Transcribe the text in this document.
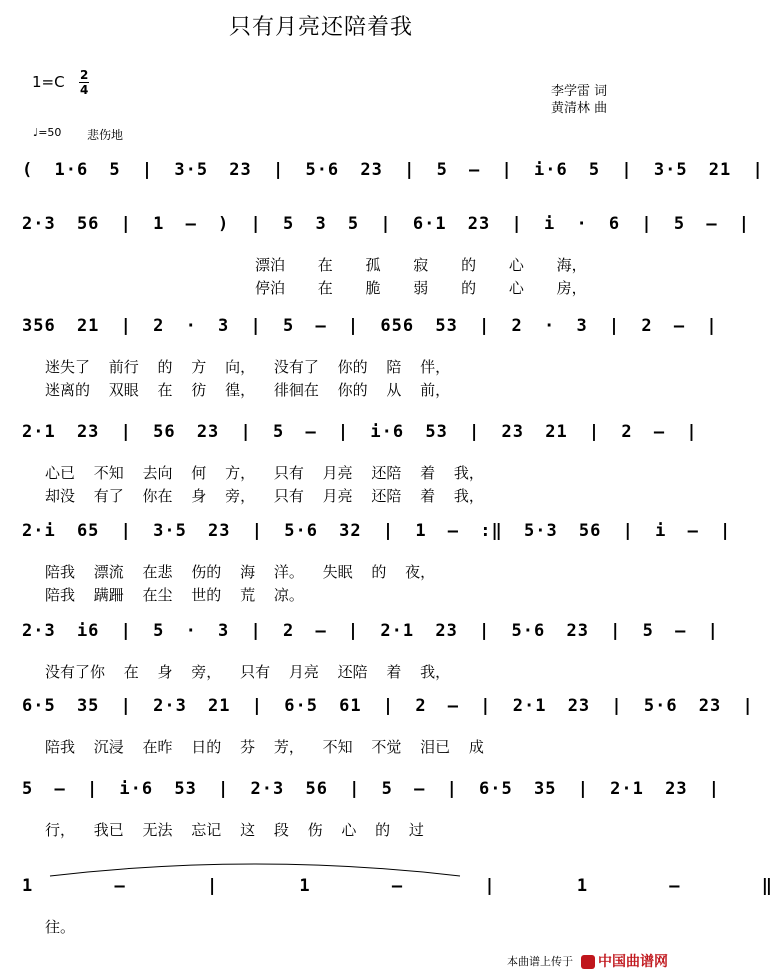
只有月亮还陪着我
1=C 2
4	李学雷 词
黄清林 曲
♩=50 悲伤地
( 1·6 5 | 3·5 23 | 5·6 23 | 5 – | i·6 5 | 3·5 21 |
2·3 56 | 1 – ) | 5 3 5 | 6·1 23 | i · 6 | 5 – |
漂泊 在 孤 寂 的 心 海，
停泊 在 脆 弱 的 心 房，
356 21 | 2 · 3 | 5 – | 656 53 | 2 · 3 | 2 – |
迷失了 前行 的 方 向， 没有了 你的 陪 伴，
迷离的 双眼 在 彷 徨， 徘徊在 你的 从 前，
2·1 23 | 56 23 | 5 – | i·6 53 | 23 21 | 2 – |
心已 不知 去向 何 方， 只有 月亮 还陪 着 我，
却没 有了 你在 身 旁， 只有 月亮 还陪 着 我，
2·i 65 | 3·5 23 | 5·6 32 | 1 – :‖ 5·3 56 | i – |
陪我 漂流 在悲 伤的 海 洋。 失眠 的 夜，
陪我 蹒跚 在尘 世的 荒 凉。
2·3 i6 | 5 · 3 | 2 – | 2·1 23 | 5·6 23 | 5 – |
没有了你 在 身 旁， 只有 月亮 还陪 着 我，
6·5 35 | 2·3 21 | 6·5 61 | 2 – | 2·1 23 | 5·6 23 |
陪我 沉浸 在昨 日的 芬 芳， 不知 不觉 泪已 成
5 – | i·6 53 | 2·3 56 | 5 – | 6·5 35 | 2·1 23 |
行， 我已 无法 忘记 这 段 伤 心 的 过
1 – | 1 – | 1 – ‖
往。
本曲谱上传于	中国曲谱网
